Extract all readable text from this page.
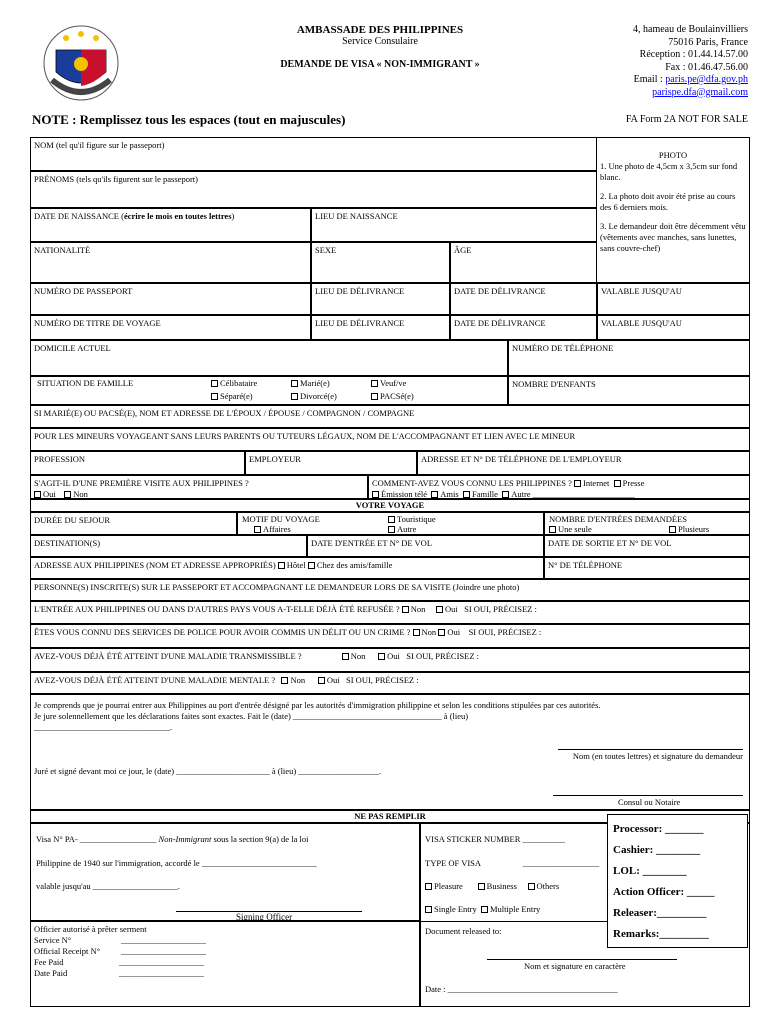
AMBASSADE DES PHILIPPINES
Service Consulaire
DEMANDE DE VISA « NON-IMMIGRANT »
4, hameau de Boulainvilliers
75016 Paris, France
Réception : 01.44.14.57.00
Fax : 01.46.47.56.00
Email : paris.pe@dfa.gov.ph
parispe.dfa@gmail.com
NOTE : Remplissez tous les espaces (tout en majuscules)	FA Form 2A NOT FOR SALE
NOM (tel qu'il figure sur le passeport)
PRÉNOMS (tels qu'ils figurent sur le passeport)
PHOTO
1. Une photo de 4,5cm x 3,5cm sur fond blanc.
2. La photo doit avoir été prise au cours des 6 derniers mois.
3. Le demandeur doit être décemment vêtu (vêtements avec manches, sans lunettes, sans couvre-chef)
DATE DE NAISSANCE (écrire le mois en toutes lettres)	LIEU DE NAISSANCE
NATIONALITÉ	SEXE	ÂGE
NUMÉRO DE PASSEPORT	LIEU DE DÉLIVRANCE	DATE DE DÉLIVRANCE	VALABLE JUSQU'AU
NUMÉRO DE TITRE DE VOYAGE	LIEU DE DÉLIVRANCE	DATE DE DÉLIVRANCE	VALABLE JUSQU'AU
DOMICILE ACTUEL	NUMÉRO DE TÉLÉPHONE
SITUATION DE FAMILLE	Célibataire	Marié(e)	Veuf/ve
Séparé(e)	Divorcé(e)	PACSé(e)
NOMBRE D'ENFANTS
SI MARIÉ(E) OU PACSÉ(E), NOM ET ADRESSE DE L'ÉPOUX / ÉPOUSE / COMPAGNON / COMPAGNE
POUR LES MINEURS VOYAGEANT SANS LEURS PARENTS OU TUTEURS LÉGAUX, NOM DE L'ACCOMPAGNANT ET LIEN AVEC LE MINEUR
PROFESSION	EMPLOYEUR	ADRESSE ET N° DE TÉLÉPHONE DE L'EMPLOYEUR
S'AGIT-IL D'UNE PREMIÈRE VISITE AUX PHILIPPINES ?
Oui Non
COMMENT-AVEZ VOUS CONNU LES PHILIPPINES ? Internet Presse
Émission télé Amis Famille Autre ________________________
VOTRE VOYAGE
DURÉE DU SEJOUR	MOTIF DU VOYAGE	Touristique
Affaires	Autre
NOMBRE D'ENTRÉES DEMANDÉES
Une seule	Plusieurs
DESTINATION(S)	DATE D'ENTRÉE ET N° DE VOL	DATE DE SORTIE ET N° DE VOL
ADRESSE AUX PHILIPPINES (NOM ET ADRESSE APPROPRIÉS) Hôtel Chez des amis/famille	N° DE TÉLÉPHONE
PERSONNE(S) INSCRITE(S) SUR LE PASSEPORT ET ACCOMPAGNANT LE DEMANDEUR LORS DE SA VISITE (Joindre une photo)
L'ENTRÉE AUX PHILIPPINES OU DANS D'AUTRES PAYS VOUS A-T-ELLE DÉJÀ ÉTÉ REFUSÉE ? Non Oui SI OUI, PRÉCISEZ :
ÊTES VOUS CONNU DES SERVICES DE POLICE POUR AVOIR COMMIS UN DÉLIT OU UN CRIME ? Non Oui SI OUI, PRÉCISEZ :
AVEZ-VOUS DÉJÀ ÉTÉ ATTEINT D'UNE MALADIE TRANSMISSIBLE ?	Non	Oui SI OUI, PRÉCISEZ :
AVEZ-VOUS DÉJÀ ÉTÉ ATTEINT D'UNE MALADIE MENTALE ? Non	Oui SI OUI, PRÉCISEZ :
Je comprends que je pourrai entrer aux Philippines au port d'entrée désigné par les autorités d'immigration philippine et selon les conditions stipulées par ces autorités.
Je jure solennellement que les déclarations faites sont exactes. Fait le (date) ___________________________________ à (lieu)
________________________________.
Nom (en toutes lettres) et signature du demandeur
Juré et signé devant moi ce jour, le (date) ______________________ à (lieu) ___________________.
Consul ou Notaire
NE PAS REMPLIR
Visa N° PA- __________________ Non-Immigrant sous la section 9(a) de la loi
Philippine de 1940 sur l'immigration, accordé le ___________________________
valable jusqu'au ____________________.
Signing Officer
Officier autorisé à prêter serment
Service N°	____________________
Official Receipt N° ____________________
Fee Paid	____________________
Date Paid	____________________
VISA STICKER NUMBER __________
TYPE OF VISA	__________________
Pleasure	Business Others
Single Entry Multiple Entry
Document released to:
Nom et signature en caractère
Date : ________________________________________
Processor: _______
Cashier: ________
LOL: ________
Action Officer: _____
Releaser:_________
Remarks:_________
